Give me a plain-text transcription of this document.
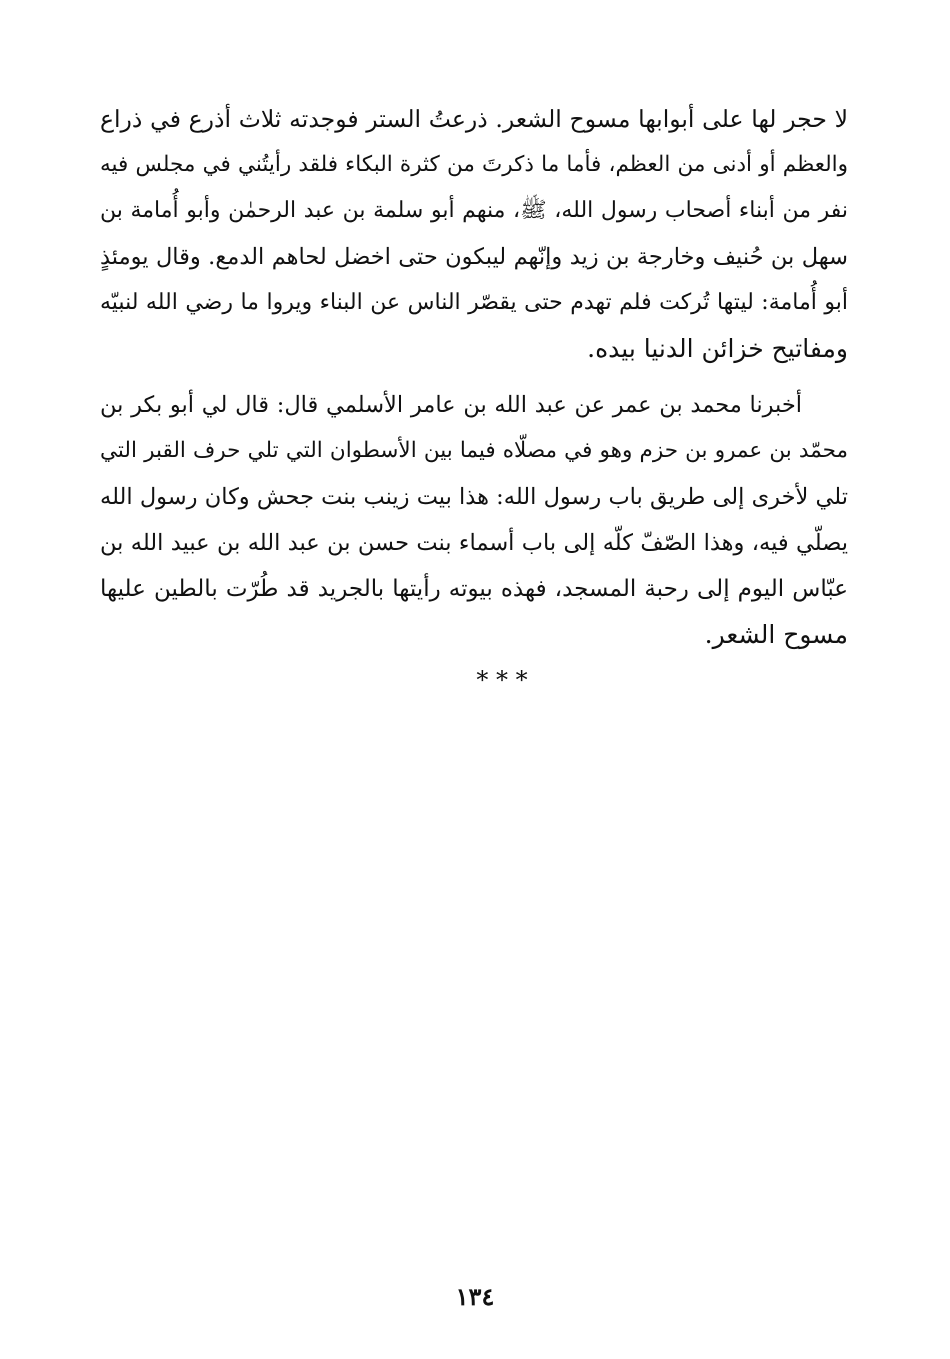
لا حجر لها على أبوابها مسوح الشعر. ذرعتُ الستر فوجدته ثلاث أذرع في ذراع
والعظم أو أدنى من العظم، فأما ما ذكرتَ من كثرة البكاء فلقد رأيتُني في مجلس فيه
نفر من أبناء أصحاب رسول الله، ﷺ، منهم أبو سلمة بن عبد الرحمٰن وأبو أُمامة بن
سهل بن حُنيف وخارجة بن زيد وإنّهم ليبكون حتى اخضل لحاهم الدمع. وقال يومئذٍ
أبو أُمامة: ليتها تُركت فلم تهدم حتى يقصّر الناس عن البناء ويروا ما رضي الله لنبيّه
ومفاتيح خزائن الدنيا بيده.

أخبرنا محمد بن عمر عن عبد الله بن عامر الأسلمي قال: قال لي أبو بكر بن
محمّد بن عمرو بن حزم وهو في مصلّاه فيما بين الأسطوان التي تلي حرف القبر التي
تلي لأخرى إلى طريق باب رسول الله: هذا بيت زينب بنت جحش وكان رسول الله
يصلّي فيه، وهذا الصّفّ كلّه إلى باب أسماء بنت حسن بن عبد الله بن عبيد الله بن
عبّاس اليوم إلى رحبة المسجد، فهذه بيوته رأيتها بالجريد قد طُرّت بالطين عليها
مسوح الشعر.

* * *
١٣٤
